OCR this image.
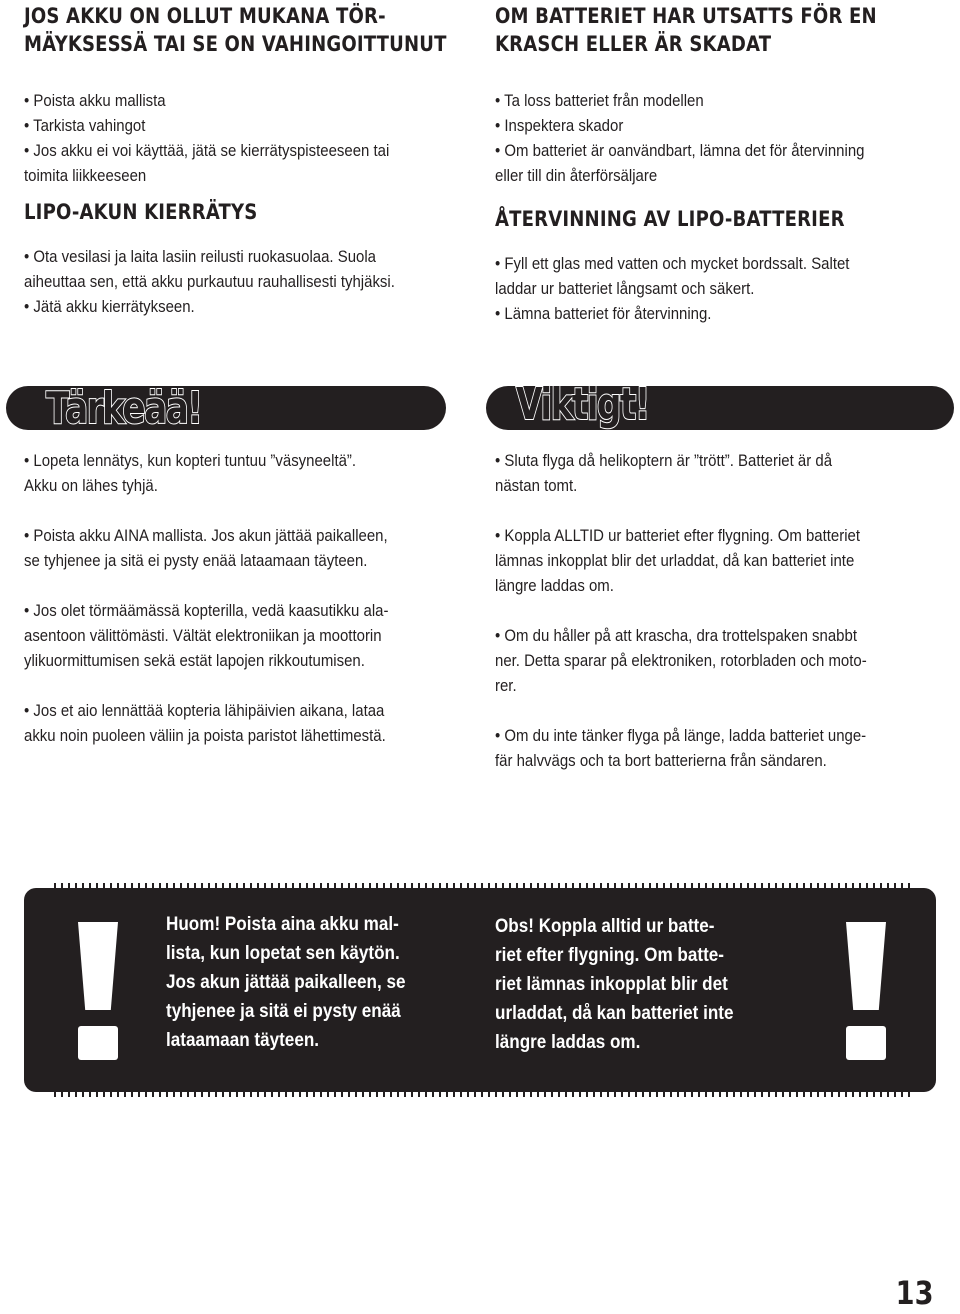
JOS AKKU ON OLLUT MUKANA TÖR-
MÄYKSESSÄ TAI SE ON VAHINGOITTUNUT
• Poista akku mallista
• Tarkista vahingot
• Jos akku ei voi käyttää, jätä se kierrätyspisteeseen tai
toimita liikkeeseen
LIPO-AKUN KIERRÄTYS
• Ota vesilasi ja laita lasiin reilusti ruokasuolaa. Suola
aiheuttaa sen, että akku purkautuu rauhallisesti tyhjäksi.
• Jätä akku kierrätykseen.
OM BATTERIET HAR UTSATTS FÖR EN
KRASCH ELLER ÄR SKADAT
• Ta loss batteriet från modellen
• Inspektera skador
• Om batteriet är oanvändbart, lämna det för återvinning
eller till din återförsäljare
ÅTERVINNING AV LIPO-BATTERIER
• Fyll ett glas med vatten och mycket bordssalt. Saltet
laddar ur batteriet långsamt och säkert.
• Lämna batteriet för återvinning.
Tärkeää!	Viktigt!
• Lopeta lennätys, kun kopteri tuntuu ”väsyneeltä”.
Akku on lähes tyhjä.
• Poista akku AINA mallista. Jos akun jättää paikalleen,
se tyhjenee ja sitä ei pysty enää lataamaan täyteen.
• Jos olet törmäämässä kopterilla, vedä kaasutikku ala-
asentoon välittömästi. Vältät elektroniikan ja moottorin
ylikuormittumisen sekä estät lapojen rikkoutumisen.
• Jos et aio lennättää kopteria lähipäivien aikana, lataa
akku noin puoleen väliin ja poista paristot lähettimestä.
• Sluta flyga då helikoptern är ”trött”. Batteriet är då
nästan tomt.
• Koppla ALLTID ur batteriet efter flygning. Om batteriet
lämnas inkopplat blir det urladdat, då kan batteriet inte
längre laddas om.
• Om du håller på att krascha, dra trottelspaken snabbt
ner. Detta sparar på elektroniken, rotorbladen och moto-
rer.
• Om du inte tänker flyga på länge, ladda batteriet unge-
fär halvvägs och ta bort batterierna från sändaren.
Huom! Poista aina akku mal-
lista, kun lopetat sen käytön.
Jos akun jättää paikalleen, se
tyhjenee ja sitä ei pysty enää
lataamaan täyteen.
Obs! Koppla alltid ur batte-
riet efter flygning. Om batte-
riet lämnas inkopplat blir det
urladdat, då kan batteriet inte
längre laddas om.
13
